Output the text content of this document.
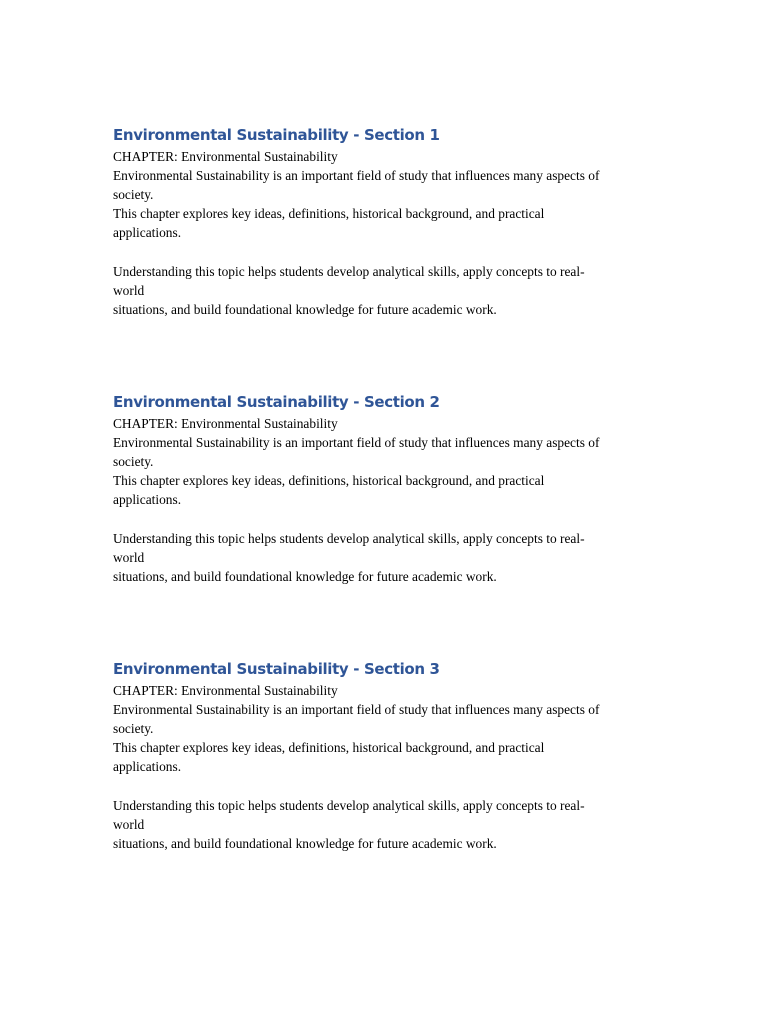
Environmental Sustainability - Section 1

CHAPTER: Environmental Sustainability

Environmental Sustainability is an important field of study that influences many aspects of

society.

This chapter explores key ideas, definitions, historical background, and practical

applications.

Understanding this topic helps students develop analytical skills, apply concepts to real-

world

situations, and build foundational knowledge for future academic work.

Environmental Sustainability - Section 2

CHAPTER: Environmental Sustainability

Environmental Sustainability is an important field of study that influences many aspects of

society.

This chapter explores key ideas, definitions, historical background, and practical

applications.

Understanding this topic helps students develop analytical skills, apply concepts to real-

world

situations, and build foundational knowledge for future academic work.

Environmental Sustainability - Section 3

CHAPTER: Environmental Sustainability

Environmental Sustainability is an important field of study that influences many aspects of

society.

This chapter explores key ideas, definitions, historical background, and practical

applications.

Understanding this topic helps students develop analytical skills, apply concepts to real-

world

situations, and build foundational knowledge for future academic work.
